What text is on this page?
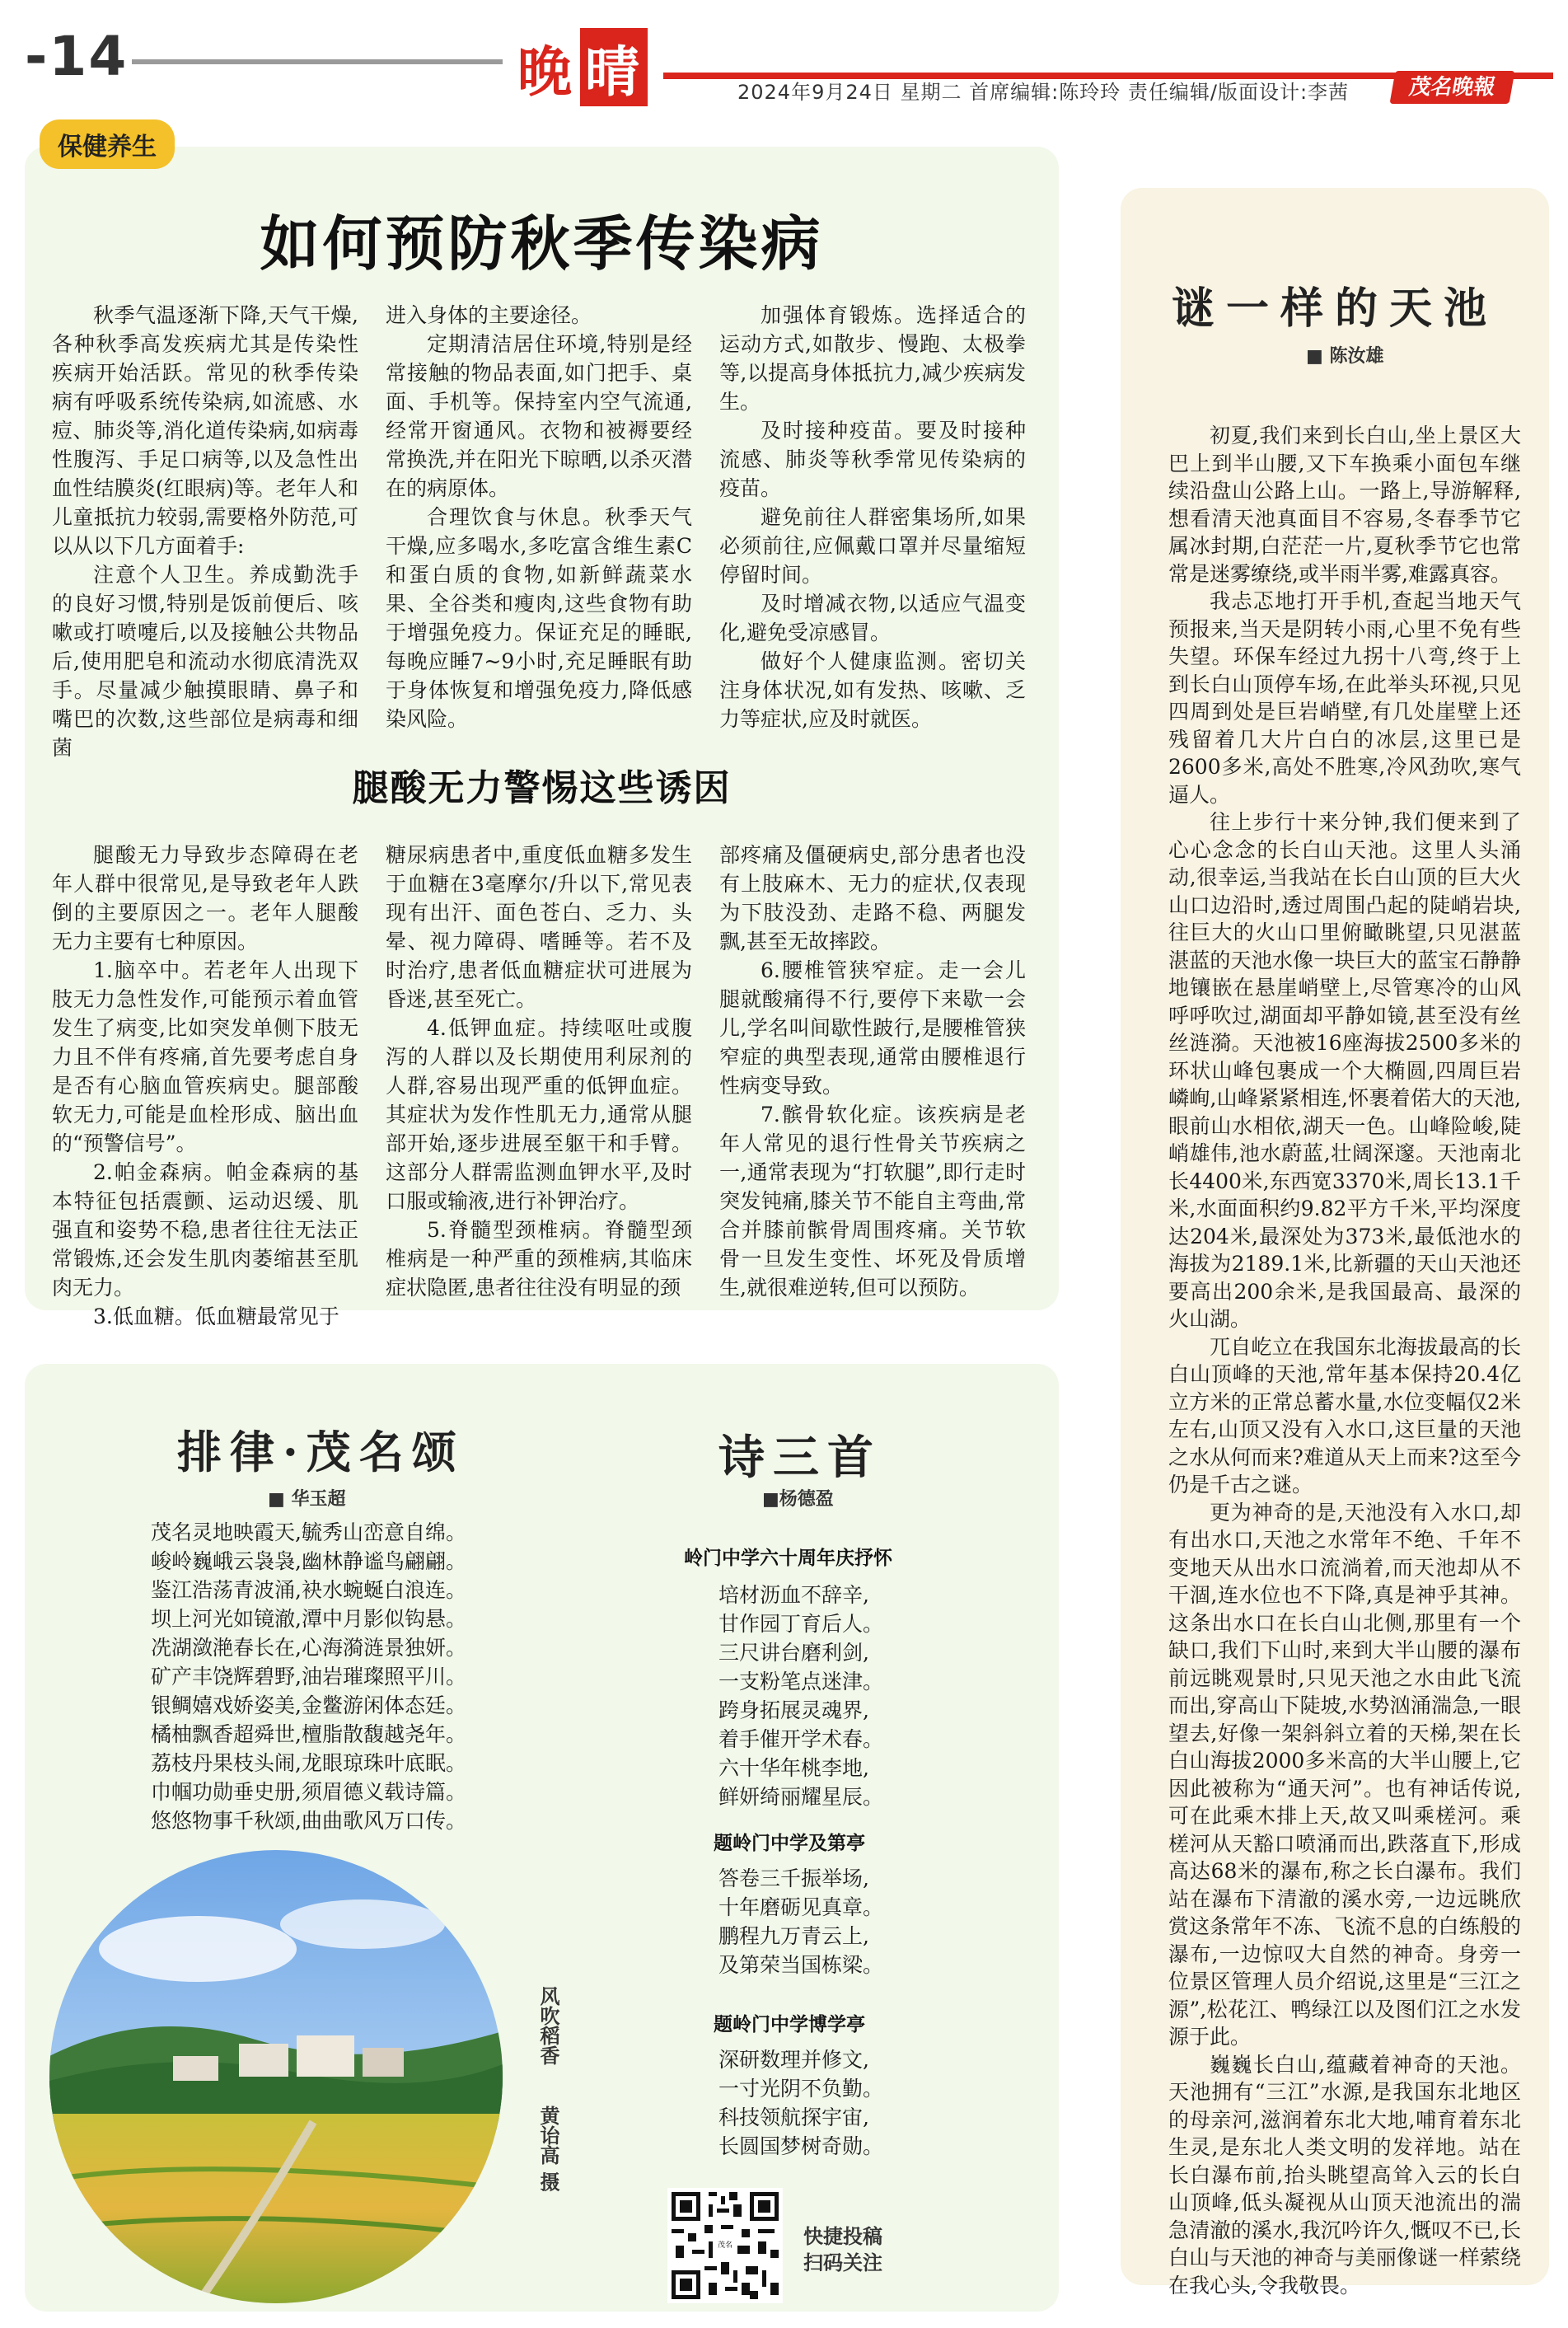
-14	晚 晴	2024年9月24日 星期二 首席编辑:陈玲玲 责任编辑/版面设计:李茜	茂名晚報
保健养生
如何预防秋季传染病

秋季气温逐渐下降,天气干燥,各种秋季高发疾病尤其是传染性疾病开始活跃。常见的秋季传染病有呼吸系统传染病,如流感、水痘、肺炎等,消化道传染病,如病毒性腹泻、手足口病等,以及急性出血性结膜炎(红眼病)等。老年人和儿童抵抗力较弱,需要格外防范,可以从以下几方面着手:

注意个人卫生。养成勤洗手的良好习惯,特别是饭前便后、咳嗽或打喷嚏后,以及接触公共物品后,使用肥皂和流动水彻底清洗双手。尽量减少触摸眼睛、鼻子和嘴巴的次数,这些部位是病毒和细菌

进入身体的主要途径。

定期清洁居住环境,特别是经常接触的物品表面,如门把手、桌面、手机等。保持室内空气流通,经常开窗通风。衣物和被褥要经常换洗,并在阳光下晾晒,以杀灭潜在的病原体。

合理饮食与休息。秋季天气干燥,应多喝水,多吃富含维生素C和蛋白质的食物,如新鲜蔬菜水果、全谷类和瘦肉,这些食物有助于增强免疫力。保证充足的睡眠,每晚应睡7~9小时,充足睡眠有助于身体恢复和增强免疫力,降低感染风险。

加强体育锻炼。选择适合的运动方式,如散步、慢跑、太极拳等,以提高身体抵抗力,减少疾病发生。

及时接种疫苗。要及时接种流感、肺炎等秋季常见传染病的疫苗。

避免前往人群密集场所,如果必须前往,应佩戴口罩并尽量缩短停留时间。

及时增减衣物,以适应气温变化,避免受凉感冒。

做好个人健康监测。密切关注身体状况,如有发热、咳嗽、乏力等症状,应及时就医。

腿酸无力警惕这些诱因

腿酸无力导致步态障碍在老年人群中很常见,是导致老年人跌倒的主要原因之一。老年人腿酸无力主要有七种原因。

1.脑卒中。若老年人出现下肢无力急性发作,可能预示着血管发生了病变,比如突发单侧下肢无力且不伴有疼痛,首先要考虑自身是否有心脑血管疾病史。腿部酸软无力,可能是血栓形成、脑出血的“预警信号”。

2.帕金森病。帕金森病的基本特征包括震颤、运动迟缓、肌强直和姿势不稳,患者往往无法正常锻炼,还会发生肌肉萎缩甚至肌肉无力。

3.低血糖。低血糖最常见于

糖尿病患者中,重度低血糖多发生于血糖在3毫摩尔/升以下,常见表现有出汗、面色苍白、乏力、头晕、视力障碍、嗜睡等。若不及时治疗,患者低血糖症状可进展为昏迷,甚至死亡。

4.低钾血症。持续呕吐或腹泻的人群以及长期使用利尿剂的人群,容易出现严重的低钾血症。其症状为发作性肌无力,通常从腿部开始,逐步进展至躯干和手臂。这部分人群需监测血钾水平,及时口服或输液,进行补钾治疗。

5.脊髓型颈椎病。脊髓型颈椎病是一种严重的颈椎病,其临床症状隐匿,患者往往没有明显的颈

部疼痛及僵硬病史,部分患者也没有上肢麻木、无力的症状,仅表现为下肢没劲、走路不稳、两腿发飘,甚至无故摔跤。

6.腰椎管狭窄症。走一会儿腿就酸痛得不行,要停下来歇一会儿,学名叫间歇性跛行,是腰椎管狭窄症的典型表现,通常由腰椎退行性病变导致。

7.髌骨软化症。该疾病是老年人常见的退行性骨关节疾病之一,通常表现为“打软腿”,即行走时突发钝痛,膝关节不能自主弯曲,常合并膝前髌骨周围疼痛。关节软骨一旦发生变性、坏死及骨质增生,就很难逆转,但可以预防。

排律·茂名颂
■ 华玉超
茂名灵地映霞天,毓秀山峦意自绵。
峻岭巍峨云袅袅,幽林静谧鸟翩翩。
鉴江浩荡青波涌,袂水蜿蜒白浪连。
坝上河光如镜澈,潭中月影似钩悬。
冼湖潋滟春长在,心海漪涟景独妍。
矿产丰饶辉碧野,油岩璀璨照平川。
银鲷嬉戏娇姿美,金鳖游闲体态廷。
橘柚飘香超舜世,檀脂散馥越尧年。
荔枝丹果枝头闹,龙眼琼珠叶底眠。
巾帼功勋垂史册,须眉德义载诗篇。
悠悠物事千秋颂,曲曲歌风万口传。
风吹稻香
黄诒高 摄
诗三首
■杨德盈
岭门中学六十周年庆抒怀
培材沥血不辞辛,
甘作园丁育后人。
三尺讲台磨利剑,
一支粉笔点迷津。
跨身拓展灵魂界,
着手催开学术春。
六十华年桃李地,
鲜妍绮丽耀星辰。
题岭门中学及第亭
答卷三千振举场,
十年磨砺见真章。
鹏程九万青云上,
及第荣当国栋梁。
题岭门中学博学亭
深研数理并修文,
一寸光阴不负勤。
科技领航探宇宙,
长圆国梦树奇勋。
茂名	快捷投稿
扫码关注
谜一样的天池
■ 陈汝雄

初夏,我们来到长白山,坐上景区大巴上到半山腰,又下车换乘小面包车继续沿盘山公路上山。一路上,导游解释,想看清天池真面目不容易,冬春季节它属冰封期,白茫茫一片,夏秋季节它也常常是迷雾缭绕,或半雨半雾,难露真容。

我忐忑地打开手机,查起当地天气预报来,当天是阴转小雨,心里不免有些失望。环保车经过九拐十八弯,终于上到长白山顶停车场,在此举头环视,只见四周到处是巨岩峭壁,有几处崖壁上还残留着几大片白白的冰层,这里已是2600多米,高处不胜寒,冷风劲吹,寒气逼人。

往上步行十来分钟,我们便来到了心心念念的长白山天池。这里人头涌动,很幸运,当我站在长白山顶的巨大火山口边沿时,透过周围凸起的陡峭岩块,往巨大的火山口里俯瞰眺望,只见湛蓝湛蓝的天池水像一块巨大的蓝宝石静静地镶嵌在悬崖峭壁上,尽管寒冷的山风呼呼吹过,湖面却平静如镜,甚至没有丝丝涟漪。天池被16座海拔2500多米的环状山峰包裹成一个大椭圆,四周巨岩嶙峋,山峰紧紧相连,怀裹着偌大的天池,眼前山水相依,湖天一色。山峰险峻,陡峭雄伟,池水蔚蓝,壮阔深邃。天池南北长4400米,东西宽3370米,周长13.1千米,水面面积约9.82平方千米,平均深度达204米,最深处为373米,最低池水的海拔为2189.1米,比新疆的天山天池还要高出200余米,是我国最高、最深的火山湖。

兀自屹立在我国东北海拔最高的长白山顶峰的天池,常年基本保持20.4亿立方米的正常总蓄水量,水位变幅仅2米左右,山顶又没有入水口,这巨量的天池之水从何而来?难道从天上而来?这至今仍是千古之谜。

更为神奇的是,天池没有入水口,却有出水口,天池之水常年不绝、千年不变地天从出水口流淌着,而天池却从不干涸,连水位也不下降,真是神乎其神。这条出水口在长白山北侧,那里有一个缺口,我们下山时,来到大半山腰的瀑布前远眺观景时,只见天池之水由此飞流而出,穿高山下陡坡,水势汹涌湍急,一眼望去,好像一架斜斜立着的天梯,架在长白山海拔2000多米高的大半山腰上,它因此被称为“通天河”。也有神话传说,可在此乘木排上天,故又叫乘槎河。乘槎河从天豁口喷涌而出,跌落直下,形成高达68米的瀑布,称之长白瀑布。我们站在瀑布下清澈的溪水旁,一边远眺欣赏这条常年不冻、飞流不息的白练般的瀑布,一边惊叹大自然的神奇。身旁一位景区管理人员介绍说,这里是“三江之源”,松花江、鸭绿江以及图们江之水发源于此。

巍巍长白山,蕴藏着神奇的天池。天池拥有“三江”水源,是我国东北地区的母亲河,滋润着东北大地,哺育着东北生灵,是东北人类文明的发祥地。站在长白瀑布前,抬头眺望高耸入云的长白山顶峰,低头凝视从山顶天池流出的湍急清澈的溪水,我沉吟许久,慨叹不已,长白山与天池的神奇与美丽像谜一样萦绕在我心头,令我敬畏。
